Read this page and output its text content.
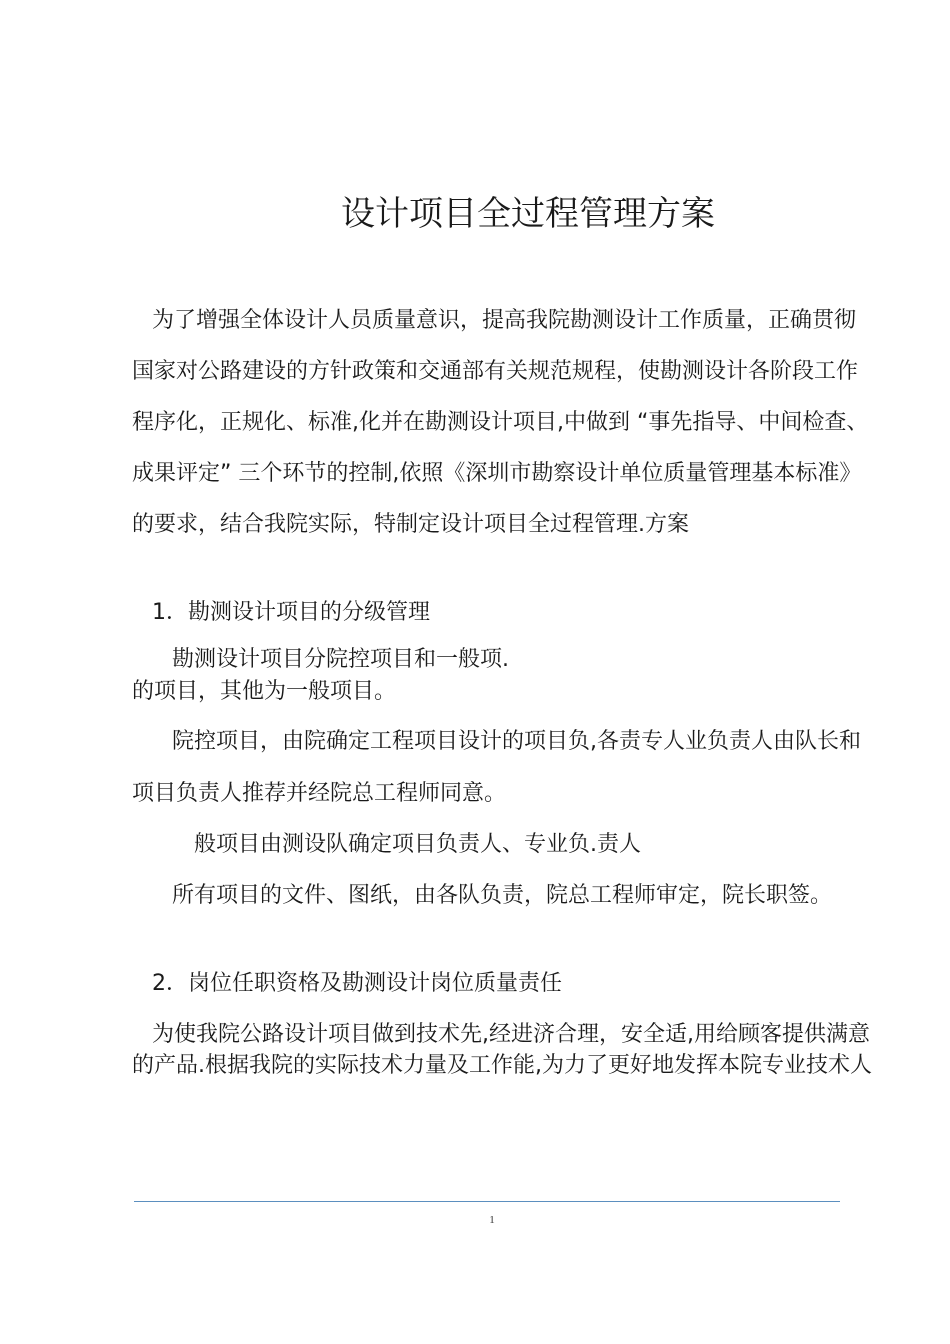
设计项目全过程管理方案
为了增强全体设计人员质量意识，提高我院勘测设计工作质量，正确贯彻
国家对公路建设的方针政策和交通部有关规范规程，使勘测设计各阶段工作
程序化，正规化、标准,化并在勘测设计项目,中做到 “事先指导、中间检查、
成果评定” 三个环节的控制,依照《深圳市勘察设计单位质量管理基本标准》
的要求，结合我院实际，特制定设计项目全过程管理.方案
1．勘测设计项目的分级管理
勘测设计项目分院控项目和一般项.
的项目，其他为一般项目。
院控项目，由院确定工程项目设计的项目负,各责专人业负责人由队长和
项目负责人推荐并经院总工程师同意。
般项目由测设队确定项目负责人、专业负.责人
所有项目的文件、图纸，由各队负责，院总工程师审定，院长职签。
2．岗位任职资格及勘测设计岗位质量责任
为使我院公路设计项目做到技术先,经进济合理，安全适,用给顾客提供满意
的产品.根据我院的实际技术力量及工作能,为力了更好地发挥本院专业技术人
1
